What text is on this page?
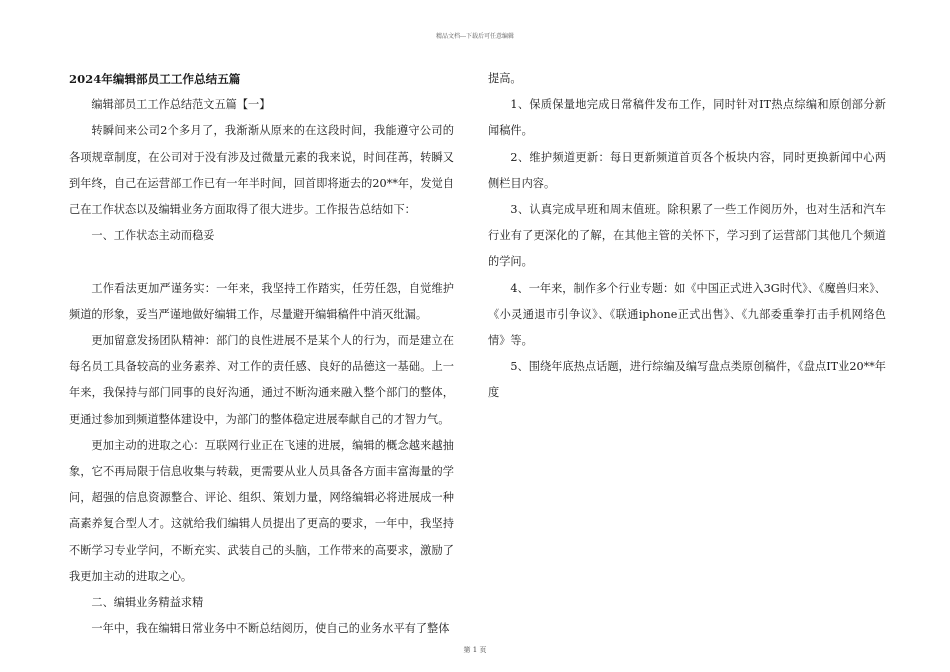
精品文档---下载后可任意编辑

2024年编辑部员工工作总结五篇

编辑部员工工作总结范文五篇【一】

转瞬间来公司2个多月了，我渐渐从原来的在这段时间，我能遵守公司的各项规章制度，在公司对于没有涉及过微量元素的我来说，时间荏苒，转瞬又到年终，自己在运营部工作已有一年半时间，回首即将逝去的20**年，发觉自己在工作状态以及编辑业务方面取得了很大进步。工作报告总结如下：

一、工作状态主动而稳妥

工作看法更加严谨务实：一年来，我坚持工作踏实，任劳任怨，自觉维护频道的形象，妥当严谨地做好编辑工作，尽量避开编辑稿件中消灭纰漏。

更加留意发扬团队精神：部门的良性进展不是某个人的行为，而是建立在每名员工具备较高的业务素养、对工作的责任感、良好的品德这一基础。上一年来，我保持与部门同事的良好沟通，通过不断沟通来融入整个部门的整体，更通过参加到频道整体建设中，为部门的整体稳定进展奉献自己的才智力气。

更加主动的进取之心：互联网行业正在飞速的进展，编辑的概念越来越抽象，它不再局限于信息收集与转载，更需要从业人员具备各方面丰富海量的学问，超强的信息资源整合、评论、组织、策划力量，网络编辑必将进展成一种高素养复合型人才。这就给我们编辑人员提出了更高的要求，一年中，我坚持不断学习专业学问，不断充实、武装自己的头脑，工作带来的高要求，激励了我更加主动的进取之心。

二、编辑业务精益求精

一年中，我在编辑日常业务中不断总结阅历，使自己的业务水平有了整体

提高。

1、保质保量地完成日常稿件发布工作，同时针对IT热点综编和原创部分新闻稿件。

2、维护频道更新：每日更新频道首页各个板块内容，同时更换新闻中心两侧栏目内容。

3、认真完成早班和周末值班。除积累了一些工作阅历外，也对生活和汽车行业有了更深化的了解，在其他主管的关怀下，学习到了运营部门其他几个频道的学问。

4、一年来，制作多个行业专题：如《中国正式进入3G时代》、《魔兽归来》、《小灵通退市引争议》、《联通iphone正式出售》、《九部委重拳打击手机网络色情》等。

5、围绕年底热点话题，进行综编及编写盘点类原创稿件，《盘点IT业20**年度

第 1 页
